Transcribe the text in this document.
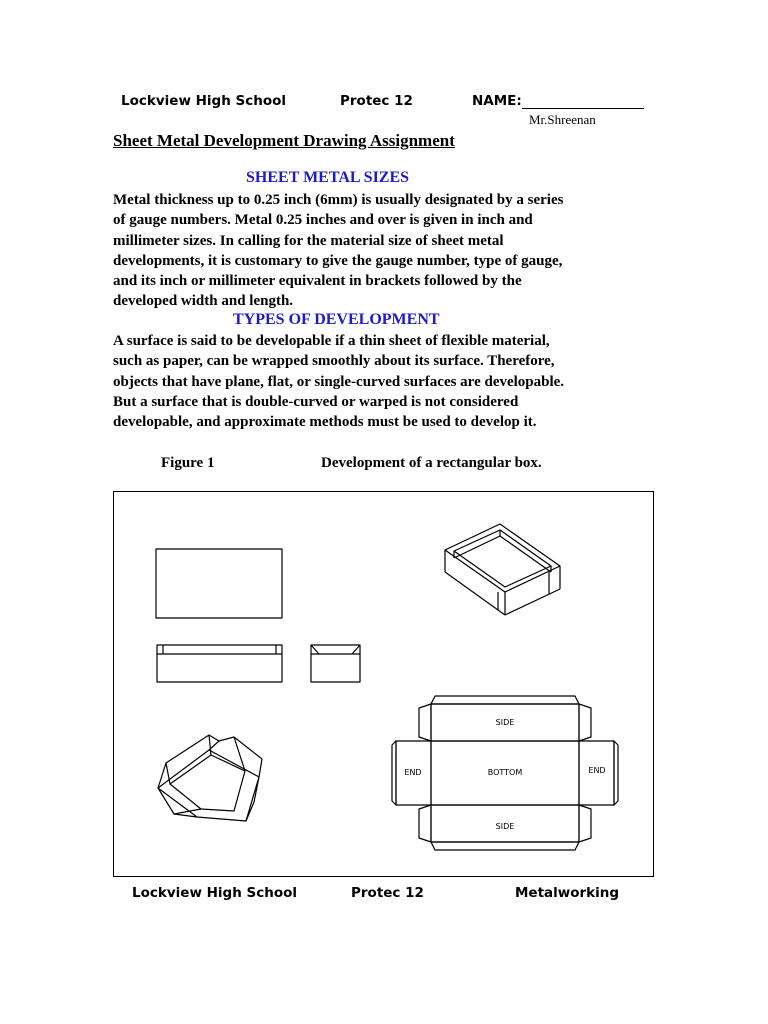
Lockview High School	Protec 12	NAME:
Mr.Shreenan
Sheet Metal Development Drawing Assignment
SHEET METAL SIZES
Metal thickness up to 0.25 inch (6mm) is usually designated by a series
of gauge numbers. Metal 0.25 inches and over is given in inch and
millimeter sizes. In calling for the material size of sheet metal
developments, it is customary to give the gauge number, type of gauge,
and its inch or millimeter equivalent in brackets followed by the
developed width and length.
TYPES OF DEVELOPMENT
A surface is said to be developable if a thin sheet of flexible material,
such as paper, can be wrapped smoothly about its surface. Therefore,
objects that have plane, flat, or single-curved surfaces are developable.
But a surface that is double-curved or warped is not considered
developable, and approximate methods must be used to develop it.
Figure 1	Development of a rectangular box.
SIDE
BOTTOM
SIDE
END	END
Lockview High School	Protec 12	Metalworking
